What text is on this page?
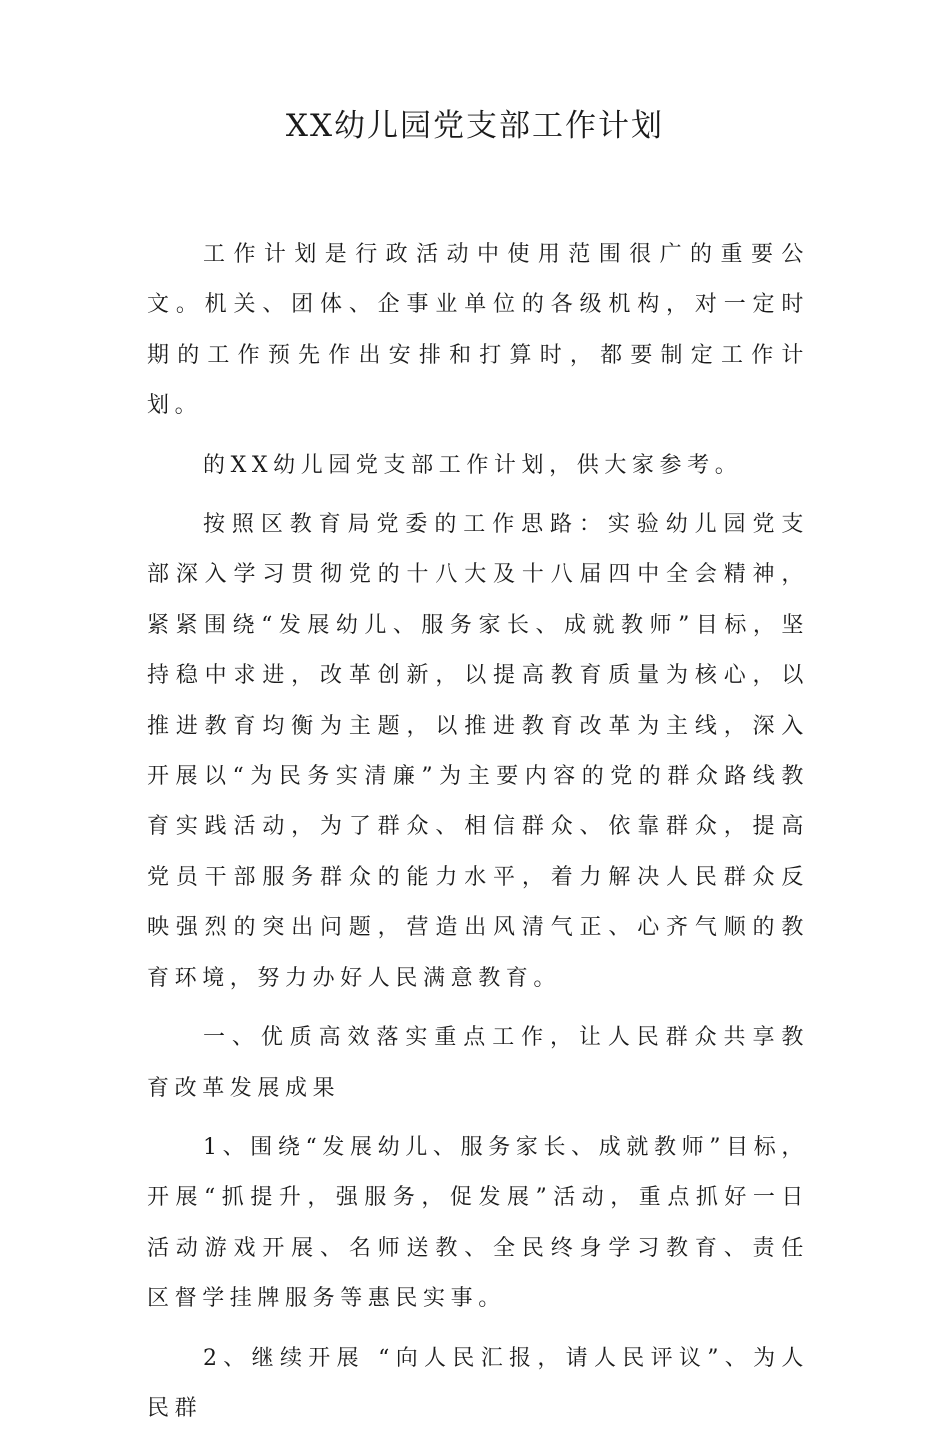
XX幼儿园党支部工作计划

工作计划是行政活动中使用范围很广的重要公文。机关、团体、企事业单位的各级机构，对一定时期的工作预先作出安排和打算时，都要制定工作计划。

的XX幼儿园党支部工作计划，供大家参考。

按照区教育局党委的工作思路：实验幼儿园党支部深入学习贯彻党的十八大及十八届四中全会精神，紧紧围绕“发展幼儿、服务家长、成就教师”目标，坚持稳中求进，改革创新，以提高教育质量为核心，以推进教育均衡为主题，以推进教育改革为主线，深入开展以“为民务实清廉”为主要内容的党的群众路线教育实践活动，为了群众、相信群众、依靠群众，提高党员干部服务群众的能力水平，着力解决人民群众反映强烈的突出问题，营造出风清气正、心齐气顺的教育环境，努力办好人民满意教育。

一、优质高效落实重点工作，让人民群众共享教育改革发展成果

1、围绕“发展幼儿、服务家长、成就教师”目标，开展“抓提升，强服务，促发展”活动，重点抓好一日活动游戏开展、名师送教、全民终身学习教育、责任区督学挂牌服务等惠民实事。

2、继续开展 “向人民汇报，请人民评议”、为人民群
